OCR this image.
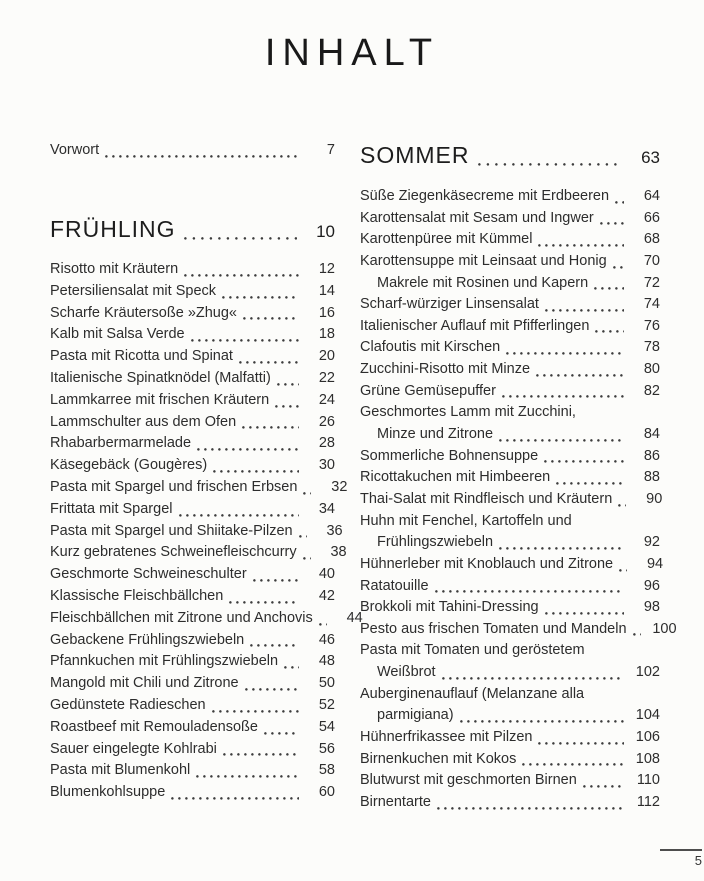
INHALT
Vorwort	7
FRÜHLING	10
Risotto mit Kräutern	12
Petersiliensalat mit Speck	14
Scharfe Kräutersoße »Zhug«	16
Kalb mit Salsa Verde	18
Pasta mit Ricotta und Spinat	20
Italienische Spinatknödel (Malfatti)	22
Lammkarree mit frischen Kräutern	24
Lammschulter aus dem Ofen	26
Rhabarbermarmelade	28
Käsegebäck (Gougères)	30
Pasta mit Spargel und frischen Erbsen	32
Frittata mit Spargel	34
Pasta mit Spargel und Shiitake-Pilzen	36
Kurz gebratenes Schweinefleischcurry	38
Geschmorte Schweineschulter	40
Klassische Fleischbällchen	42
Fleischbällchen mit Zitrone und Anchovis	44
Gebackene Frühlingszwiebeln	46
Pfannkuchen mit Frühlingszwiebeln	48
Mangold mit Chili und Zitrone	50
Gedünstete Radieschen	52
Roastbeef mit Remouladensoße	54
Sauer eingelegte Kohlrabi	56
Pasta mit Blumenkohl	58
Blumenkohlsuppe	60
SOMMER	63
Süße Ziegenkäsecreme mit Erdbeeren	64
Karottensalat mit Sesam und Ingwer	66
Karottenpüree mit Kümmel	68
Karottensuppe mit Leinsaat und Honig	70
Makrele mit Rosinen und Kapern	72
Scharf-würziger Linsensalat	74
Italienischer Auflauf mit Pfifferlingen	76
Clafoutis mit Kirschen	78
Zucchini-Risotto mit Minze	80
Grüne Gemüsepuffer	82
Geschmortes Lamm mit Zucchini,
Minze und Zitrone	84
Sommerliche Bohnensuppe	86
Ricottakuchen mit Himbeeren	88
Thai-Salat mit Rindfleisch und Kräutern	90
Huhn mit Fenchel, Kartoffeln und
Frühlingszwiebeln	92
Hühnerleber mit Knoblauch und Zitrone	94
Ratatouille	96
Brokkoli mit Tahini-Dressing	98
Pesto aus frischen Tomaten und Mandeln	100
Pasta mit Tomaten und geröstetem
Weißbrot	102
Auberginenauflauf (Melanzane alla
parmigiana)	104
Hühnerfrikassee mit Pilzen	106
Birnenkuchen mit Kokos	108
Blutwurst mit geschmorten Birnen	110
Birnentarte	112
5
